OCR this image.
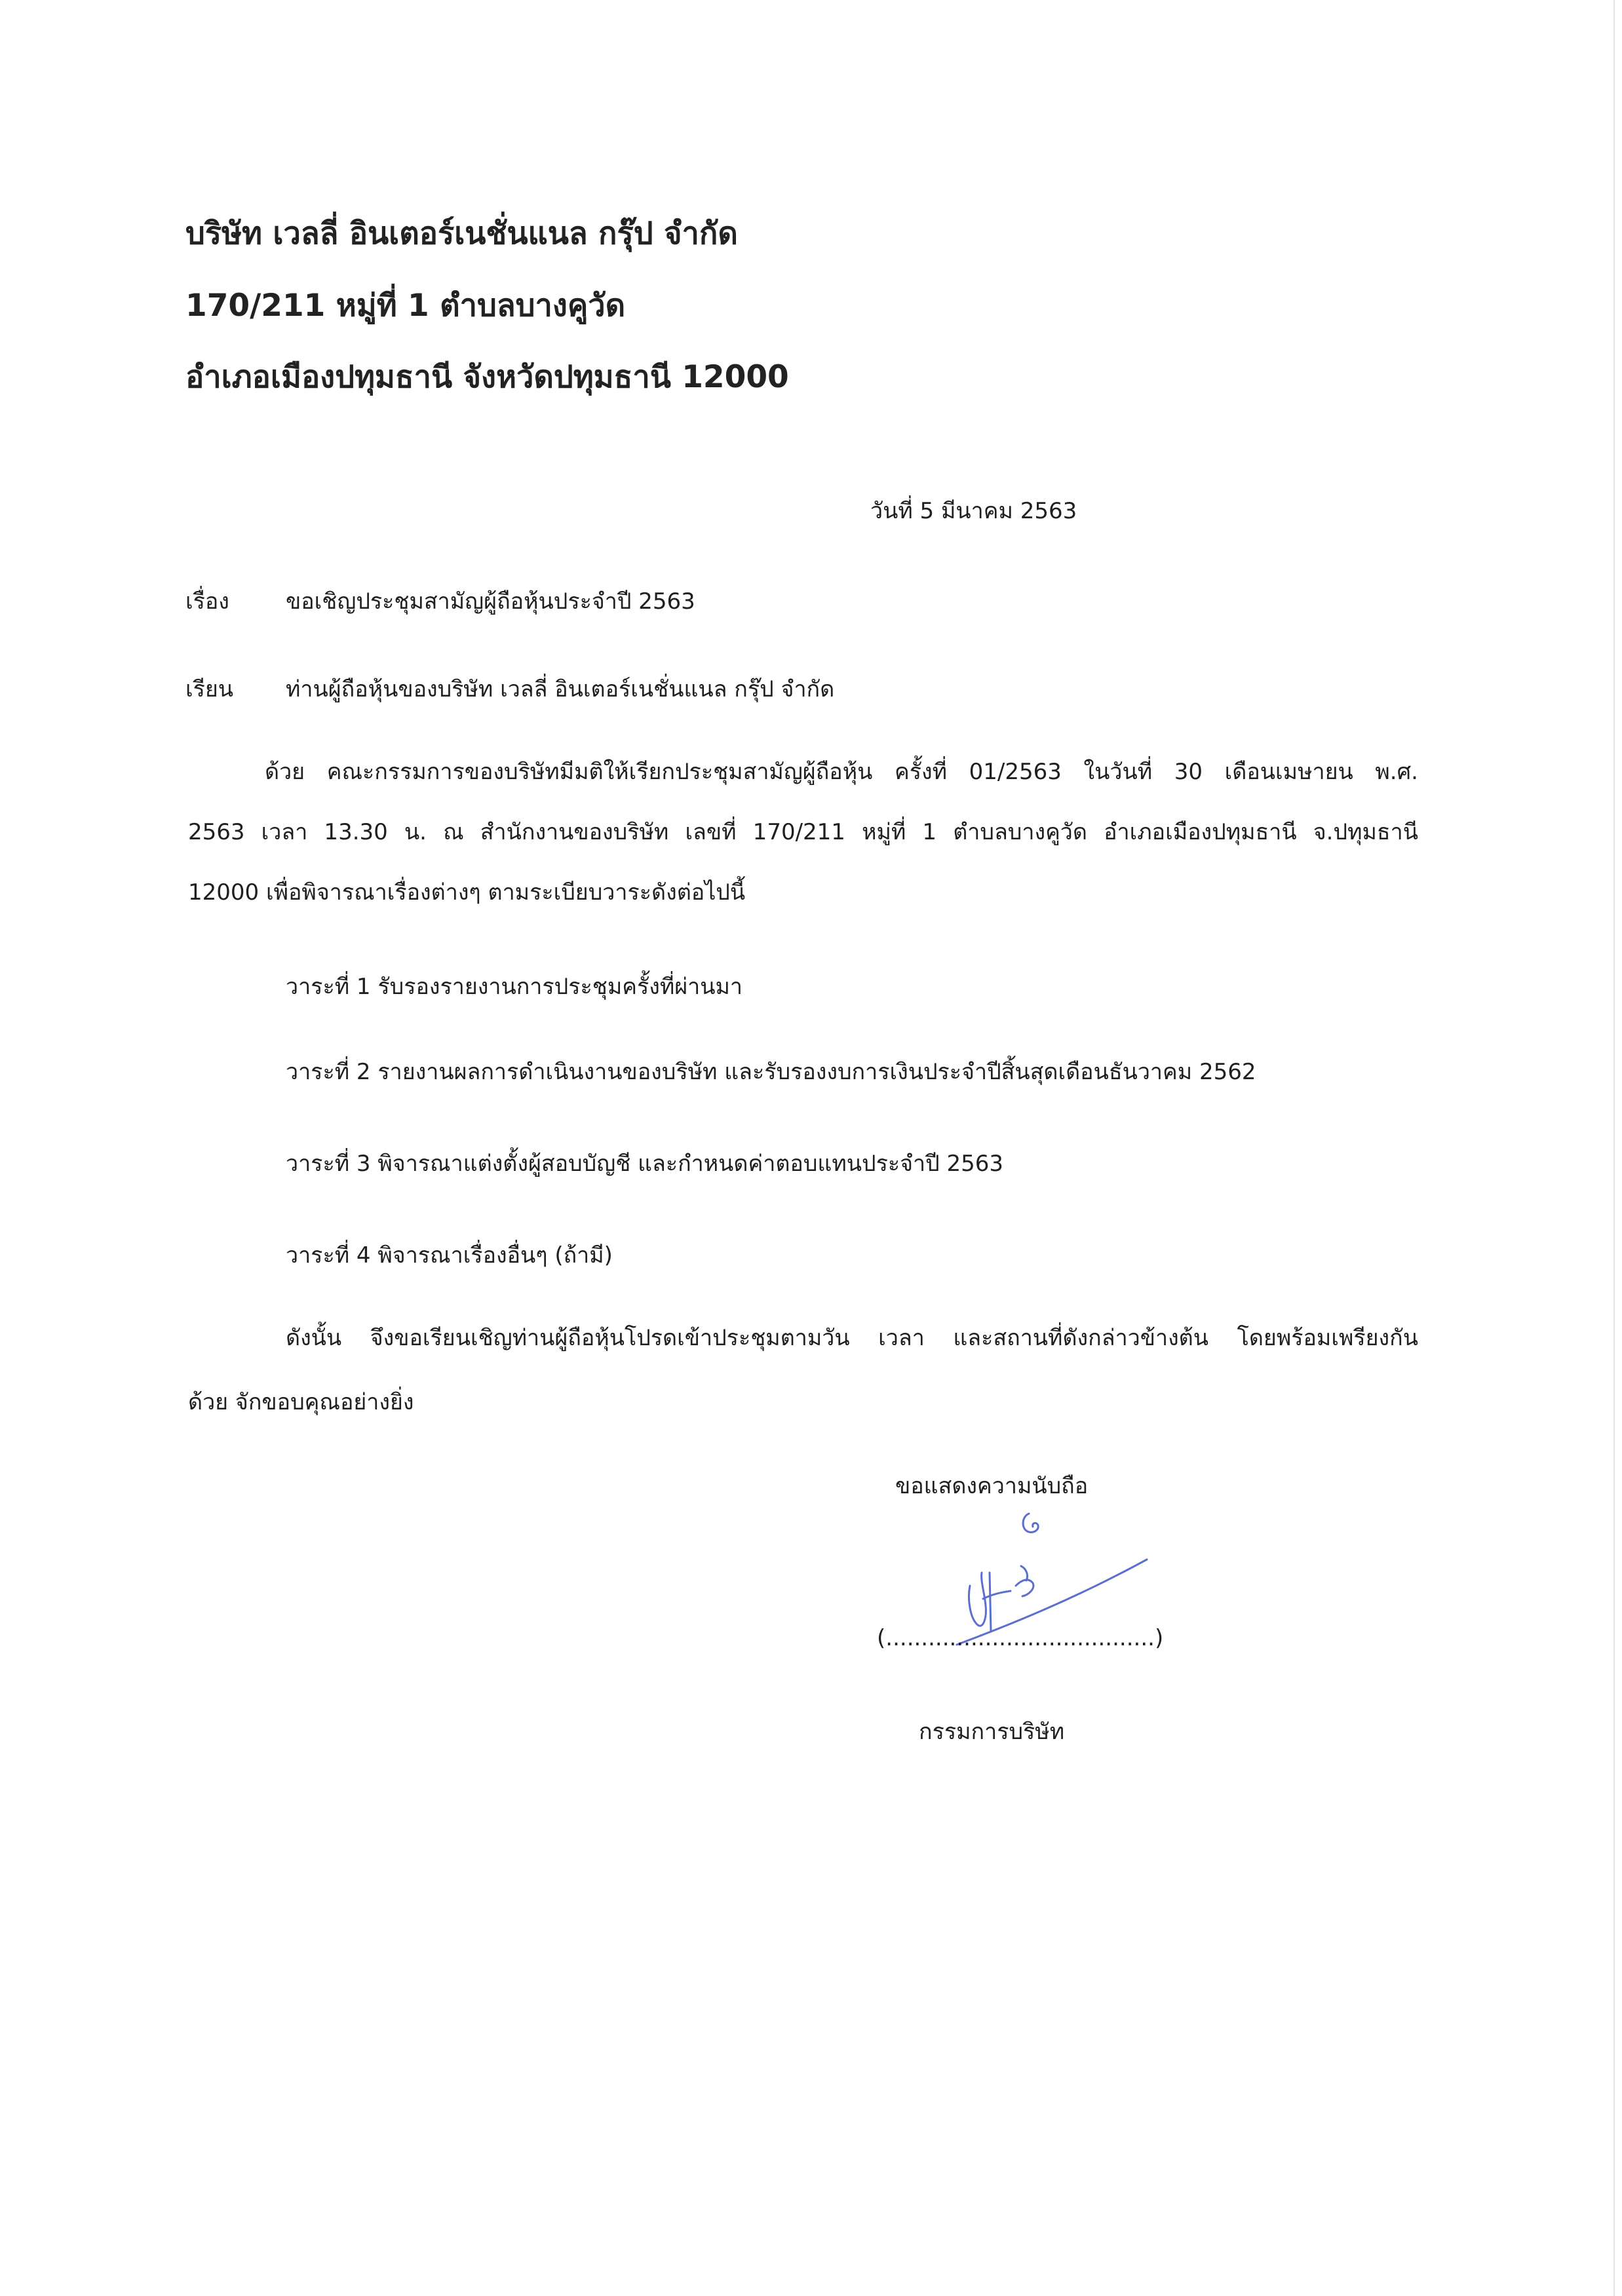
บริษัท เวลลี่ อินเตอร์เนชั่นแนล กรุ๊ป จำกัด
170/211 หมู่ที่ 1 ตำบลบางคูวัด
อำเภอเมืองปทุมธานี จังหวัดปทุมธานี 12000
วันที่ 5 มีนาคม 2563
เรื่อง	ขอเชิญประชุมสามัญผู้ถือหุ้นประจำปี 2563
เรียน ท่านผู้ถือหุ้นของบริษัท เวลลี่ อินเตอร์เนชั่นแนล กรุ๊ป จำกัด
ด้วย คณะกรรมการของบริษัทมีมติให้เรียกประชุมสามัญผู้ถือหุ้น ครั้งที่ 01/2563 ในวันที่ 30 เดือนเมษายน พ.ศ.
2563 เวลา 13.30 น. ณ สำนักงานของบริษัท เลขที่ 170/211 หมู่ที่ 1 ตำบลบางคูวัด อำเภอเมืองปทุมธานี จ.ปทุมธานี
12000 เพื่อพิจารณาเรื่องต่างๆ ตามระเบียบวาระดังต่อไปนี้
วาระที่ 1 รับรองรายงานการประชุมครั้งที่ผ่านมา
วาระที่ 2 รายงานผลการดำเนินงานของบริษัท และรับรองงบการเงินประจำปีสิ้นสุดเดือนธันวาคม 2562
วาระที่ 3 พิจารณาแต่งตั้งผู้สอบบัญชี และกำหนดค่าตอบแทนประจำปี 2563
วาระที่ 4 พิจารณาเรื่องอื่นๆ (ถ้ามี)
ดังนั้น จึงขอเรียนเชิญท่านผู้ถือหุ้นโปรดเข้าประชุมตามวัน เวลา และสถานที่ดังกล่าวข้างต้น โดยพร้อมเพรียงกัน
ด้วย จักขอบคุณอย่างยิ่ง
ขอแสดงความนับถือ
(......................................)
กรรมการบริษัท
